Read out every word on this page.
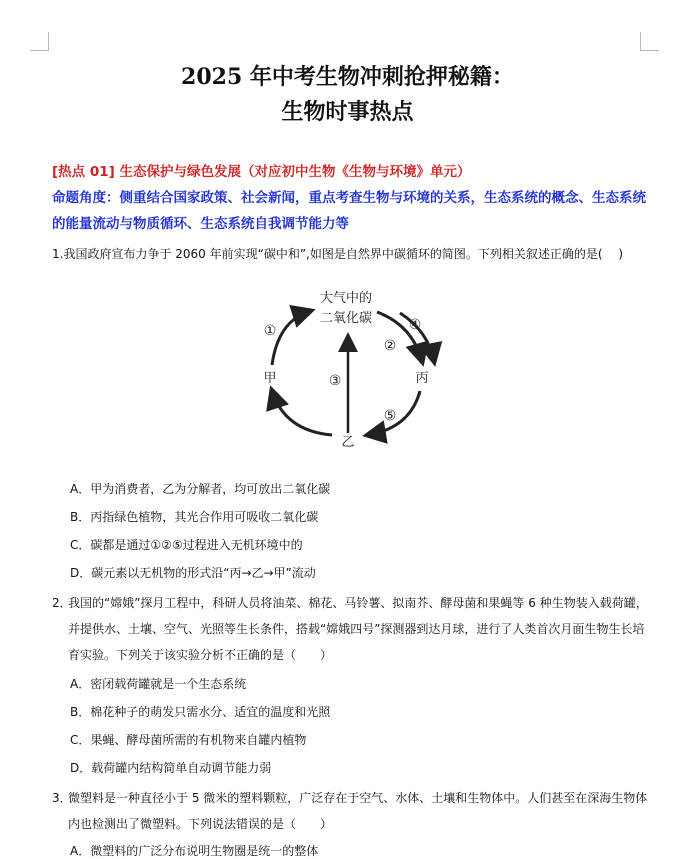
2025 年中考生物冲刺抢押秘籍：
生物时事热点
[热点 01] 生态保护与绿色发展（对应初中生物《生物与环境》单元）
命题角度：侧重结合国家政策、社会新闻，重点考查生物与环境的关系，生态系统的概念、生态系统的能量流动与物质循环、生态系统自我调节能力等
1.我国政府宣布力争于 2060 年前实现“碳中和”,如图是自然界中碳循环的简图。下列相关叙述正确的是(　 )
大气中的
二氧化碳
甲	丙
乙
①
②
③
④
⑤
A．甲为消费者，乙为分解者，均可放出二氧化碳
B．丙指绿色植物，其光合作用可吸收二氧化碳
C．碳都是通过①②⑤过程进入无机环境中的
D．碳元素以无机物的形式沿“丙→乙→甲”流动
2．
我国的“嫦娥”探月工程中，科研人员将油菜、棉花、马铃薯、拟南芥、酵母菌和果蝇等 6 种生物装入载荷罐，并提供水、土壤、空气、光照等生长条件，搭载“嫦娥四号”探测器到达月球，进行了人类首次月面生物生长培育实验。下列关于该实验分析不正确的是（　　）
A．密闭载荷罐就是一个生态系统
B．棉花种子的萌发只需水分、适宜的温度和光照
C．果蝇、酵母菌所需的有机物来自罐内植物
D．载荷罐内结构简单自动调节能力弱
3．
微塑料是一种直径小于 5 微米的塑料颗粒，广泛存在于空气、水体、土壤和生物体中。人们甚至在深海生物体内也检测出了微塑料。下列说法错误的是（　　）
A．微塑料的广泛分布说明生物圈是统一的整体
